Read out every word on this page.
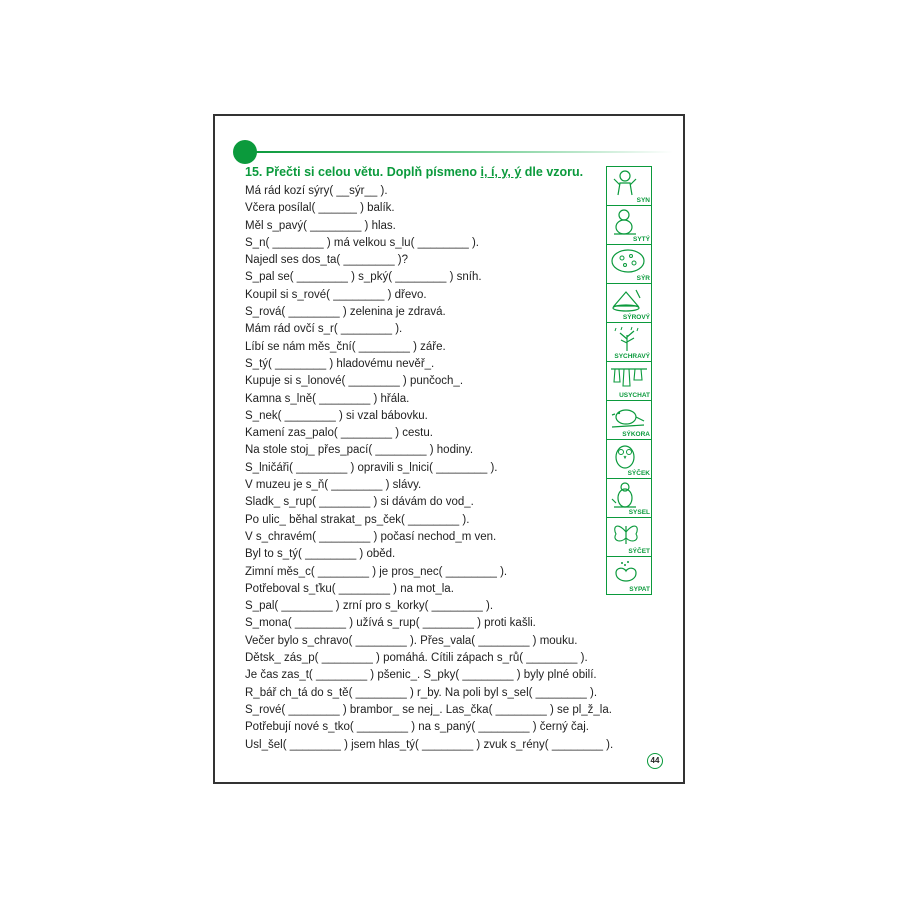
15. Přečti si celou větu. Doplň písmeno i, í, y, ý dle vzoru.
Má rád kozí sýry( __sýr__ ).
Včera posílal( ______ ) balík.
Měl s_pavý( ________ ) hlas.
S_n( ________ ) má velkou s_lu( ________ ).
Najedl ses dos_ta( ________ )?
S_pal se( ________ ) s_pký( ________ ) sníh.
Koupil si s_rové( ________ ) dřevo.
S_rová( ________ ) zelenina je zdravá.
Mám rád ovčí s_r( ________ ).
Líbí se nám měs_ční( ________ ) záře.
S_tý( ________ ) hladovému nevěř_.
Kupuje si s_lonové( ________ ) punčoch_.
Kamna s_lně( ________ ) hřála.
S_nek( ________ ) si vzal bábovku.
Kamení zas_palo( ________ ) cestu.
Na stole stoj_ přes_pací( ________ ) hodiny.
S_lničáři( ________ ) opravili s_lnici( ________ ).
V muzeu je s_ň( ________ ) slávy.
Sladk_ s_rup( ________ ) si dávám do vod_.
Po ulic_ běhal strakat_ ps_ček( ________ ).
V s_chravém( ________ ) počasí nechod_m ven.
Byl to s_tý( ________ ) oběd.
Zimní měs_c( ________ ) je pros_nec( ________ ).
Potřeboval s_ťku( ________ ) na mot_la.
S_pal( ________ ) zrní pro s_korky( ________ ).
S_mona( ________ ) užívá s_rup( ________ ) proti kašli.
Večer bylo s_chravo( ________ ). Přes_vala( ________ ) mouku.
Dětsk_ zás_p( ________ ) pomáhá. Cítili zápach s_rů( ________ ).
Je čas zas_t( ________ ) pšenic_. S_pky( ________ ) byly plné obilí.
R_bář ch_tá do s_tě( ________ ) r_by. Na poli byl s_sel( ________ ).
S_rové( ________ ) brambor_ se nej_. Las_čka( ________ ) se pl_ž_la.
Potřebují nové s_tko( ________ ) na s_paný( ________ ) černý čaj.
Usl_šel( ________ ) jsem hlas_tý( ________ ) zvuk s_rény( ________ ).
SYN
SYTÝ
SÝR
SÝROVÝ
SYCHRAVÝ
USYCHAT
SÝKORA
SÝČEK
SYSEL
SÝČET
SYPAT
44
